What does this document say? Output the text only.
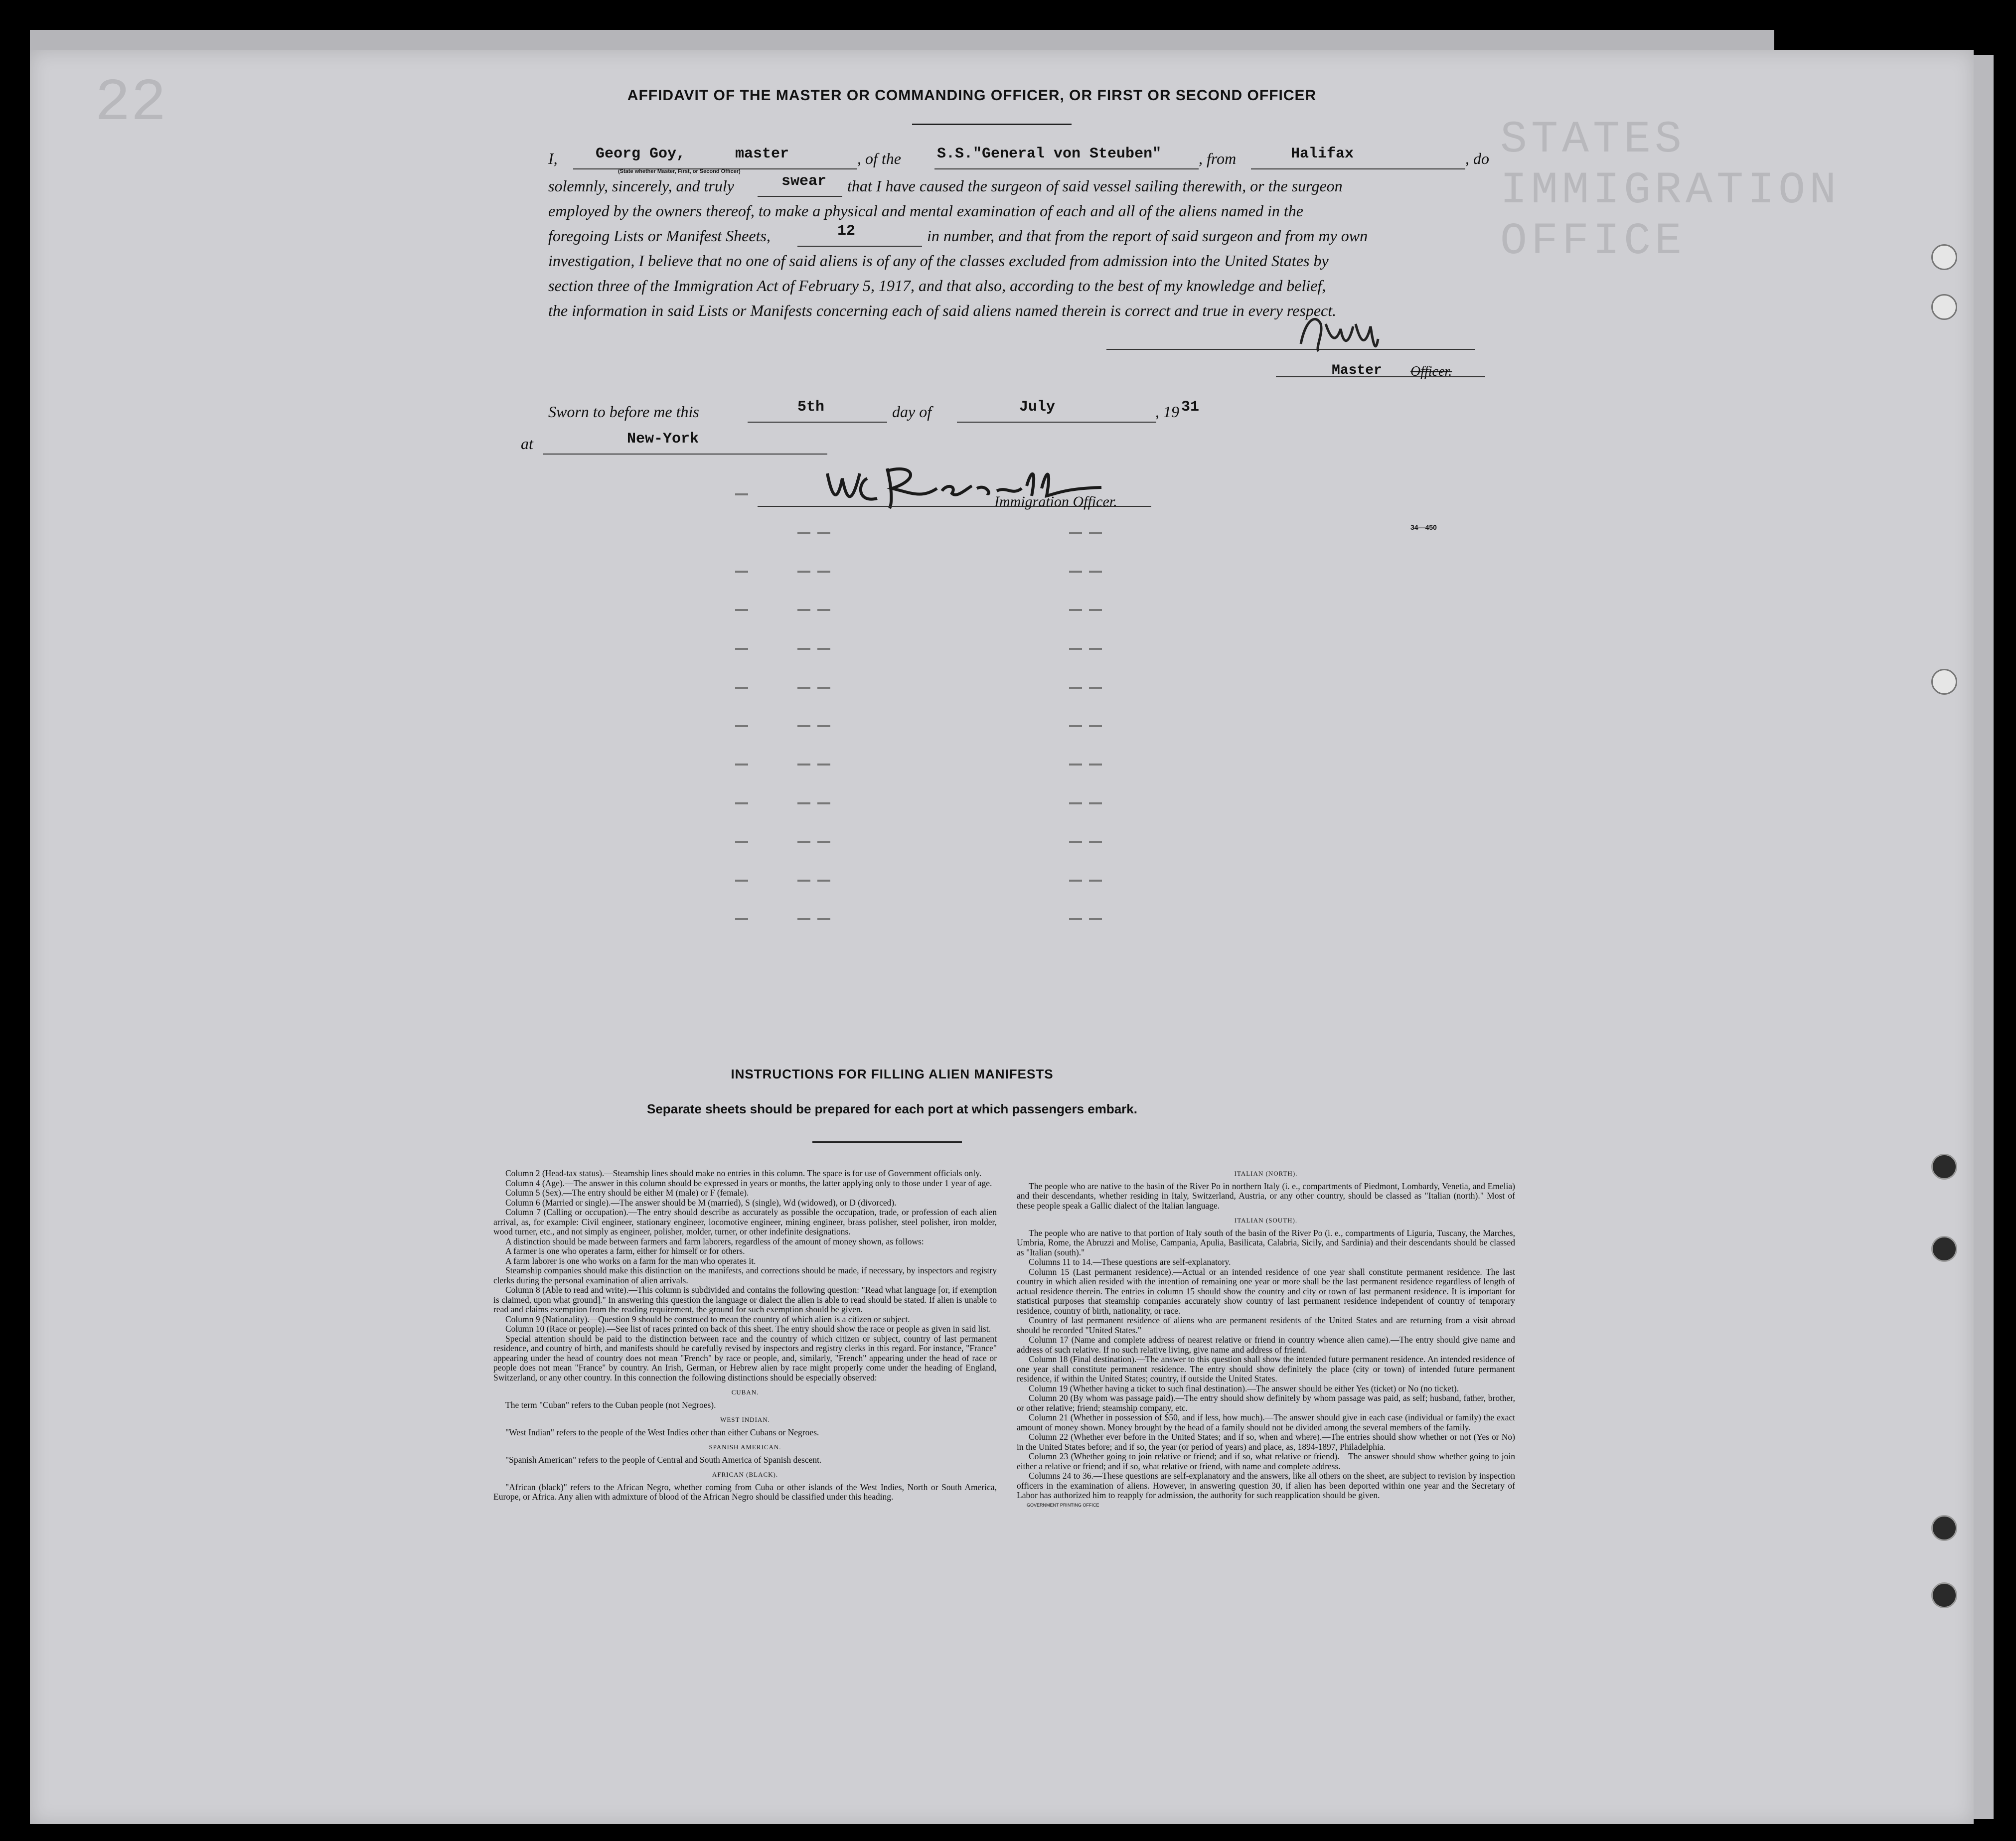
STATES IMMIGRATION OFFICE
22	AFFIDAVIT OF THE MASTER OR COMMANDING OFFICER, OR FIRST OR SECOND OFFICER
I,	Georg Goy,	master
(State whether Master, First, or Second Officer)
, of the S.S."General von Steuben" , from	Halifax	, do
solemnly, sincerely, and truly	swear that I have caused the surgeon of said vessel sailing therewith, or the surgeon
employed by the owners thereof, to make a physical and mental examination of each and all of the aliens named in the
foregoing Lists or Manifest Sheets,	12	in number, and that from the report of said surgeon and from my own
investigation, I believe that no one of said aliens is of any of the classes excluded from admission into the United States by
section three of the Immigration Act of February 5, 1917, and that also, according to the best of my knowledge and belief,
the information in said Lists or Manifests concerning each of said aliens named therein is correct and true in every respect.
Master Officer.
Sworn to before me this	5th	day of	July	, 19 31
at	New-York
Immigration Officer.
34—450
INSTRUCTIONS FOR FILLING ALIEN MANIFESTS
Separate sheets should be prepared for each port at which passengers embark.

Column 2 (Head-tax status).—Steamship lines should make no entries in this column. The space is for use of Government officials only.

Column 4 (Age).—The answer in this column should be expressed in years or months, the latter applying only to those under 1 year of age.

Column 5 (Sex).—The entry should be either M (male) or F (female).

Column 6 (Married or single).—The answer should be M (married), S (single), Wd (widowed), or D (divorced).

Column 7 (Calling or occupation).—The entry should describe as accurately as possible the occupation, trade, or profession of each alien arrival, as, for example: Civil engineer, stationary engineer, locomotive engineer, mining engineer, brass polisher, steel polisher, iron molder, wood turner, etc., and not simply as engineer, polisher, molder, turner, or other indefinite designations.

A distinction should be made between farmers and farm laborers, regardless of the amount of money shown, as follows:

A farmer is one who operates a farm, either for himself or for others.

A farm laborer is one who works on a farm for the man who operates it.

Steamship companies should make this distinction on the manifests, and corrections should be made, if necessary, by inspectors and registry clerks during the personal examination of alien arrivals.

Column 8 (Able to read and write).—This column is subdivided and contains the following question: "Read what language [or, if exemption is claimed, upon what ground]." In answering this question the language or dialect the alien is able to read should be stated. If alien is unable to read and claims exemption from the reading requirement, the ground for such exemption should be given.

Column 9 (Nationality).—Question 9 should be construed to mean the country of which alien is a citizen or subject.

Column 10 (Race or people).—See list of races printed on back of this sheet. The entry should show the race or people as given in said list.

Special attention should be paid to the distinction between race and the country of which citizen or subject, country of last permanent residence, and country of birth, and manifests should be carefully revised by inspectors and registry clerks in this regard. For instance, "France" appearing under the head of country does not mean "French" by race or people, and, similarly, "French" appearing under the head of race or people does not mean "France" by country. An Irish, German, or Hebrew alien by race might properly come under the heading of England, Switzerland, or any other country. In this connection the following distinctions should be especially observed:

CUBAN.

The term "Cuban" refers to the Cuban people (not Negroes).

WEST INDIAN.

"West Indian" refers to the people of the West Indies other than either Cubans or Negroes.

SPANISH AMERICAN.

"Spanish American" refers to the people of Central and South America of Spanish descent.

AFRICAN (BLACK).

"African (black)" refers to the African Negro, whether coming from Cuba or other islands of the West Indies, North or South America, Europe, or Africa. Any alien with admixture of blood of the African Negro should be classified under this heading.

ITALIAN (NORTH).

The people who are native to the basin of the River Po in northern Italy (i. e., compartments of Piedmont, Lombardy, Venetia, and Emelia) and their descendants, whether residing in Italy, Switzerland, Austria, or any other country, should be classed as "Italian (north)." Most of these people speak a Gallic dialect of the Italian language.

ITALIAN (SOUTH).

The people who are native to that portion of Italy south of the basin of the River Po (i. e., compartments of Liguria, Tuscany, the Marches, Umbria, Rome, the Abruzzi and Molise, Campania, Apulia, Basilicata, Calabria, Sicily, and Sardinia) and their descendants should be classed as "Italian (south)."

Columns 11 to 14.—These questions are self-explanatory.

Column 15 (Last permanent residence).—Actual or an intended residence of one year shall constitute permanent residence. The last country in which alien resided with the intention of remaining one year or more shall be the last permanent residence regardless of length of actual residence therein. The entries in column 15 should show the country and city or town of last permanent residence. It is important for statistical purposes that steamship companies accurately show country of last permanent residence independent of country of temporary residence, country of birth, nationality, or race.

Country of last permanent residence of aliens who are permanent residents of the United States and are returning from a visit abroad should be recorded "United States."

Column 17 (Name and complete address of nearest relative or friend in country whence alien came).—The entry should give name and address of such relative. If no such relative living, give name and address of friend.

Column 18 (Final destination).—The answer to this question shall show the intended future permanent residence. An intended residence of one year shall constitute permanent residence. The entry should show definitely the place (city or town) of intended future permanent residence, if within the United States; country, if outside the United States.

Column 19 (Whether having a ticket to such final destination).—The answer should be either Yes (ticket) or No (no ticket).

Column 20 (By whom was passage paid).—The entry should show definitely by whom passage was paid, as self; husband, father, brother, or other relative; friend; steamship company, etc.

Column 21 (Whether in possession of $50, and if less, how much).—The answer should give in each case (individual or family) the exact amount of money shown. Money brought by the head of a family should not be divided among the several members of the family.

Column 22 (Whether ever before in the United States; and if so, when and where).—The entries should show whether or not (Yes or No) in the United States before; and if so, the year (or period of years) and place, as, 1894-1897, Philadelphia.

Column 23 (Whether going to join relative or friend; and if so, what relative or friend).—The answer should show whether going to join either a relative or friend; and if so, what relative or friend, with name and complete address.

Columns 24 to 36.—These questions are self-explanatory and the answers, like all others on the sheet, are subject to revision by inspection officers in the examination of aliens. However, in answering question 30, if alien has been deported within one year and the Secretary of Labor has authorized him to reapply for admission, the authority for such reapplication should be given.

GOVERNMENT PRINTING OFFICE
